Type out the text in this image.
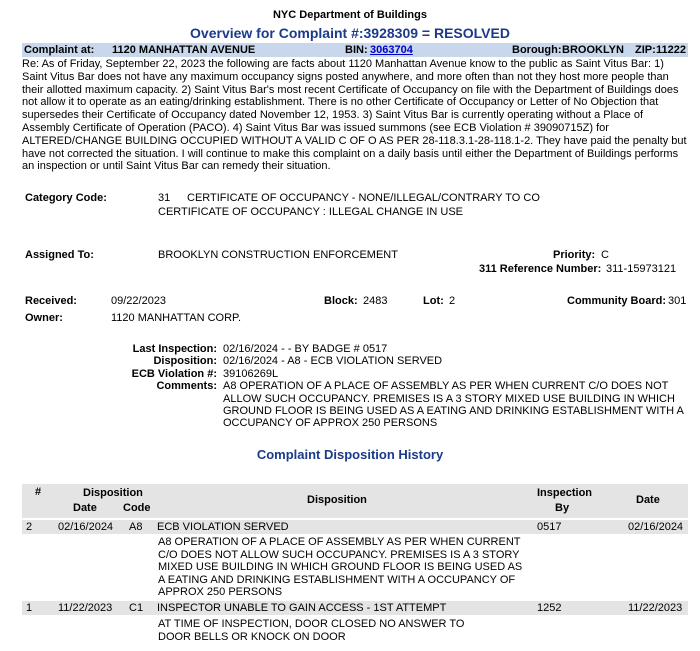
NYC Department of Buildings
Overview for Complaint #:3928309 = RESOLVED
Complaint at: 1120 MANHATTAN AVENUE	BIN: 3063704	Borough: BROOKLYN ZIP: 11222
Re: As of Friday, September 22, 2023 the following are facts about 1120 Manhattan Avenue know to the public as Saint Vitus Bar: 1) Saint Vitus Bar does not have any maximum occupancy signs posted anywhere, and more often than not they host more people than their allotted maximum capacity. 2) Saint Vitus Bar's most recent Certificate of Occupancy on file with the Department of Buildings does not allow it to operate as an eating/drinking establishment. There is no other Certificate of Occupancy or Letter of No Objection that supersedes their Certificate of Occupancy dated November 12, 1953. 3) Saint Vitus Bar is currently operating without a Place of Assembly Certificate of Operation (PACO). 4) Saint Vitus Bar was issued summons (see ECB Violation # 39090715Z) for ALTERED/CHANGE BUILDING OCCUPIED WITHOUT A VALID C OF O AS PER 28-118.3.1-28-118.1-2. They have paid the penalty but have not corrected the situation. I will continue to make this complaint on a daily basis until either the Department of Buildings performs an inspection or until Saint Vitus Bar can remedy their situation.
Category Code:	31 CERTIFICATE OF OCCUPANCY - NONE/ILLEGAL/CONTRARY TO CO
CERTIFICATE OF OCCUPANCY : ILLEGAL CHANGE IN USE
Assigned To:	BROOKLYN CONSTRUCTION ENFORCEMENT	Priority: C
311 Reference Number: 311-15973121
Received:	09/22/2023	Block: 2483	Lot: 2	Community Board: 301
Owner:	1120 MANHATTAN CORP.
Last Inspection: 02/16/2024 - - BY BADGE # 0517
Disposition: 02/16/2024 - A8 - ECB VIOLATION SERVED
ECB Violation #: 39106269L
Comments: A8 OPERATION OF A PLACE OF ASSEMBLY AS PER WHEN CURRENT C/O DOES NOT ALLOW SUCH OCCUPANCY. PREMISES IS A 3 STORY MIXED USE BUILDING IN WHICH GROUND FLOOR IS BEING USED AS A EATING AND DRINKING ESTABLISHMENT WITH A OCCUPANCY OF APPROX 250 PERSONS
Complaint Disposition History
#	Disposition
Date Code
Disposition
Inspection
By
Date
2 02/16/2024 A8 ECB VIOLATION SERVED	0517	02/16/2024
A8 OPERATION OF A PLACE OF ASSEMBLY AS PER WHEN CURRENT C/O DOES NOT ALLOW SUCH OCCUPANCY. PREMISES IS A 3 STORY MIXED USE BUILDING IN WHICH GROUND FLOOR IS BEING USED AS A EATING AND DRINKING ESTABLISHMENT WITH A OCCUPANCY OF APPROX 250 PERSONS
1 11/22/2023 C1 INSPECTOR UNABLE TO GAIN ACCESS - 1ST ATTEMPT	1252	11/22/2023
AT TIME OF INSPECTION, DOOR CLOSED NO ANSWER TO DOOR BELLS OR KNOCK ON DOOR
